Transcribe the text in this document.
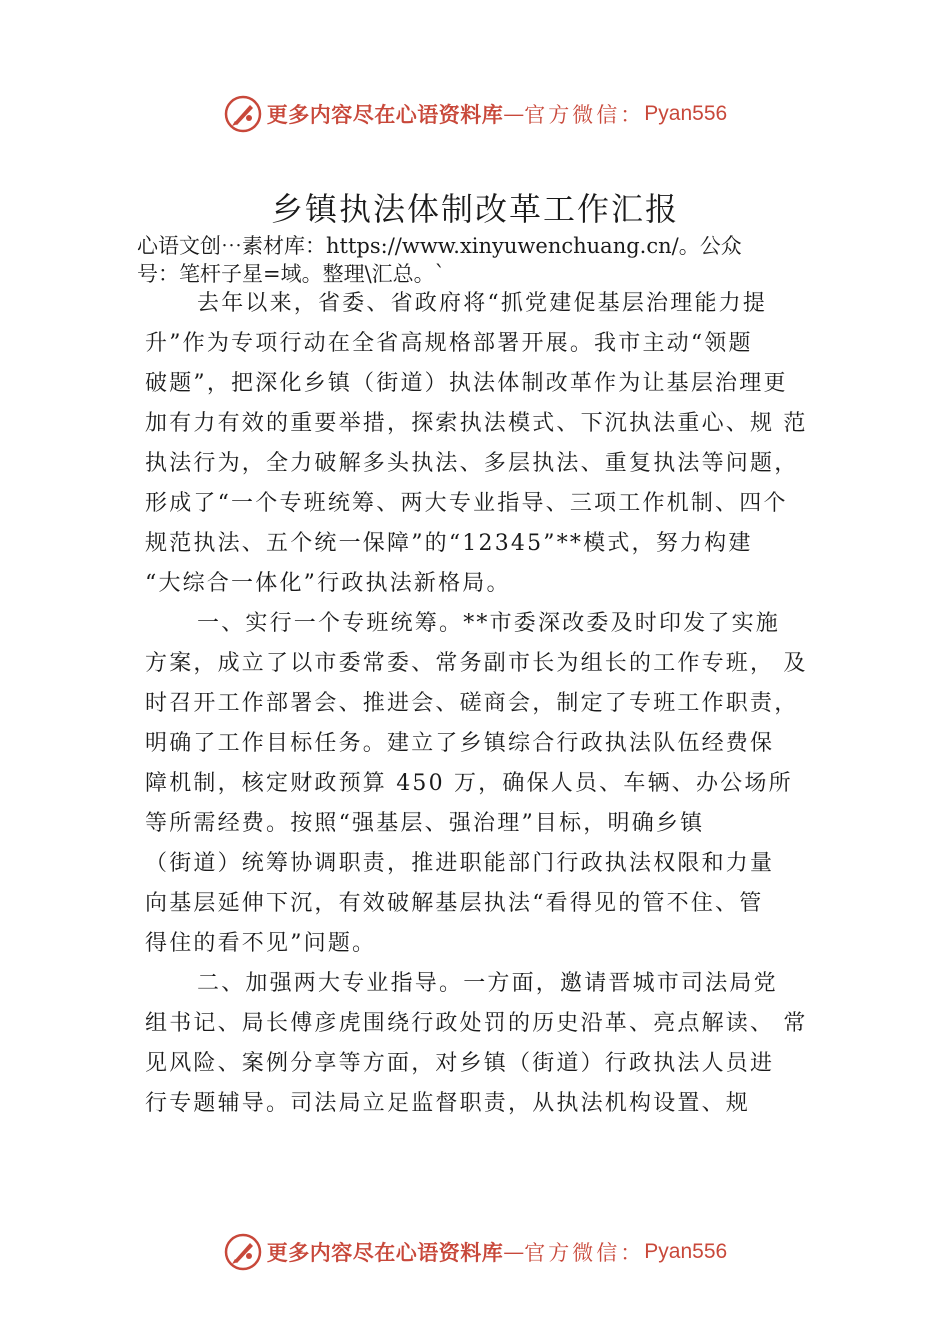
更多内容尽在心语资料库 — 官方微信： Pyan556
乡镇执法体制改革工作汇报
心语文创⋯素材库：https://www.xinyuwenchuang.cn/。公众
号：笔杆子星=域。整理\汇总。`
去年以来，省委、省政府将“抓党建促基层治理能力提
升”作为专项行动在全省高规格部署开展。我市主动“领题
破题”，把深化乡镇（街道）执法体制改革作为让基层治理更
加有力有效的重要举措，探索执法模式、下沉执法重心、规 范
执法行为，全力破解多头执法、多层执法、重复执法等问题，
形成了“一个专班统筹、两大专业指导、三项工作机制、四个
规范执法、五个统一保障”的“12345”**模式，努力构建
“大综合一体化”行政执法新格局。
一、实行一个专班统筹。**市委深改委及时印发了实施
方案，成立了以市委常委、常务副市长为组长的工作专班， 及
时召开工作部署会、推进会、磋商会，制定了专班工作职责，
明确了工作目标任务。建立了乡镇综合行政执法队伍经费保
障机制，核定财政预算 450 万，确保人员、车辆、办公场所
等所需经费。按照“强基层、强治理”目标，明确乡镇
（街道）统筹协调职责，推进职能部门行政执法权限和力量
向基层延伸下沉，有效破解基层执法“看得见的管不住、管
得住的看不见”问题。
二、加强两大专业指导。一方面，邀请晋城市司法局党
组书记、局长傅彦虎围绕行政处罚的历史沿革、亮点解读、 常
见风险、案例分享等方面，对乡镇（街道）行政执法人员进
行专题辅导。司法局立足监督职责，从执法机构设置、规
更多内容尽在心语资料库 — 官方微信： Pyan556
